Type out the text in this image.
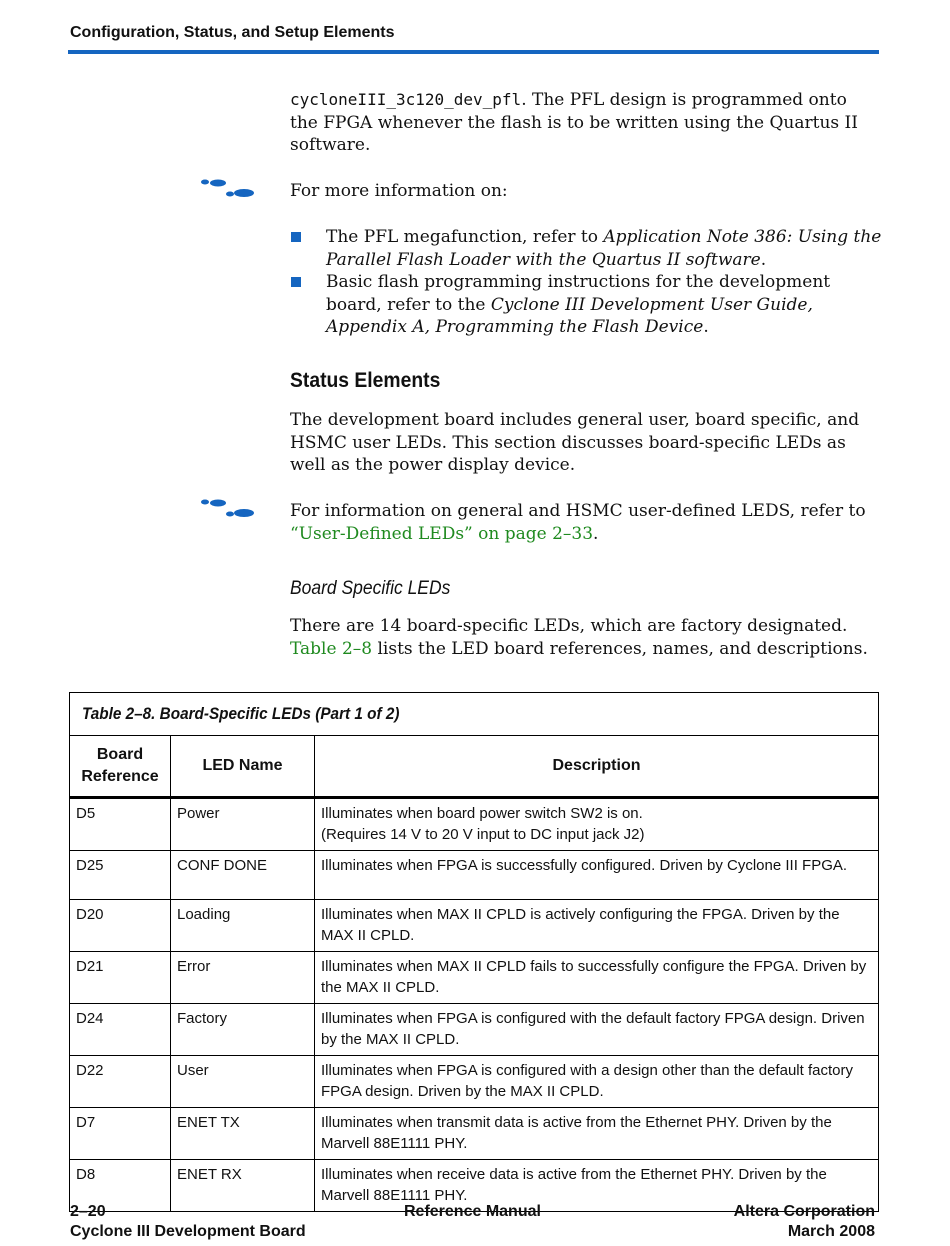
Configuration, Status, and Setup Elements
cycloneIII_3c120_dev_pfl. The PFL design is programmed onto the FPGA whenever the flash is to be written using the Quartus II software.
For more information on:
The PFL megafunction, refer to Application Note 386: Using the Parallel Flash Loader with the Quartus II software.
Basic flash programming instructions for the development board, refer to the Cyclone III Development User Guide, Appendix A, Programming the Flash Device.
Status Elements
The development board includes general user, board specific, and HSMC user LEDs. This section discusses board-specific LEDs as well as the power display device.
For information on general and HSMC user-defined LEDS, refer to “User-Defined LEDs” on page 2–33.
Board Specific LEDs
There are 14 board-specific LEDs, which are factory designated. Table 2–8 lists the LED board references, names, and descriptions.
Table 2–8. Board-Specific LEDs (Part 1 of 2)
Board
Reference	LED Name	Description
D5	Power	Illuminates when board power switch SW2 is on.
(Requires 14 V to 20 V input to DC input jack J2)

D25	CONF DONE	Illuminates when FPGA is successfully configured. Driven by Cyclone III FPGA.
D20	Loading	Illuminates when MAX II CPLD is actively configuring the FPGA. Driven by the MAX II CPLD.
D21	Error	Illuminates when MAX II CPLD fails to successfully configure the FPGA. Driven by the MAX II CPLD.
D24	Factory	Illuminates when FPGA is configured with the default factory FPGA design. Driven by the MAX II CPLD.
D22	User	Illuminates when FPGA is configured with a design other than the default factory FPGA design. Driven by the MAX II CPLD.
D7	ENET TX	Illuminates when transmit data is active from the Ethernet PHY. Driven by the Marvell 88E1111 PHY.
D8	ENET RX	Illuminates when receive data is active from the Ethernet PHY. Driven by the Marvell 88E1111 PHY.
2–20
Cyclone III Development Board
Reference Manual	Altera Corporation
March 2008
